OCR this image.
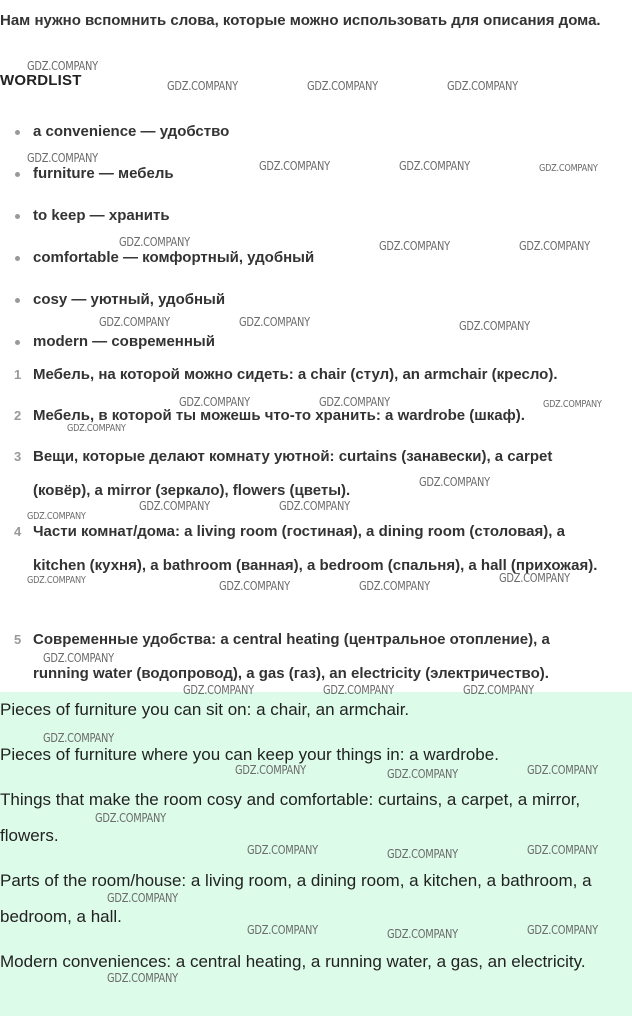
Нам нужно вспомнить слова, которые можно использовать для описания дома.
WORDLIST
a convenience — удобство
furniture — мебель
to keep — хранить
comfortable — комфортный, удобный
cosy — уютный, удобный
modern — современный
1 Мебель, на которой можно сидеть: a chair (стул), an armchair (кресло).
2 Мебель, в которой ты можешь что-то хранить: a wardrobe (шкаф).
3 Вещи, которые делают комнату уютной: curtains (занавески), a carpet (ковёр), a mirror (зеркало), flowers (цветы).
4 Части комнат/дома: a living room (гостиная), a dining room (столовая), a kitchen (кухня), a bathroom (ванная), a bedroom (спальня), a hall (прихожая).
5 Современные удобства: a central heating (центральное отопление), a running water (водопровод), a gas (газ), an electricity (электричество).

Pieces of furniture you can sit on: a chair, an armchair.

Pieces of furniture where you can keep your things in: a wardrobe.

Things that make the room cosy and comfortable: curtains, a carpet, a mirror, flowers.

Parts of the room/house: a living room, a dining room, a kitchen, a bathroom, a bedroom, a hall.

Modern conveniences: a central heating, a running water, a gas, an electricity.

GDZ.COMPANY
GDZ.COMPANY	GDZ.COMPANY	GDZ.COMPANY
GDZ.COMPANY
GDZ.COMPANY	GDZ.COMPANY	GDZ.COMPANY
GDZ.COMPANY	GDZ.COMPANY	GDZ.COMPANY
GDZ.COMPANY	GDZ.COMPANY	GDZ.COMPANY
GDZ.COMPANY	GDZ.COMPANY	GDZ.COMPANY
GDZ.COMPANY
GDZ.COMPANY
GDZ.COMPANY	GDZ.COMPANY
GDZ.COMPANY
GDZ.COMPANY	GDZ.COMPANY
GDZ.COMPANY	GDZ.COMPANY
GDZ.COMPANY
GDZ.COMPANY	GDZ.COMPANY	GDZ.COMPANY
GDZ.COMPANY
GDZ.COMPANY	GDZ.COMPANY	GDZ.COMPANY
GDZ.COMPANY
GDZ.COMPANY	GDZ.COMPANY	GDZ.COMPANY
GDZ.COMPANY
GDZ.COMPANY	GDZ.COMPANY	GDZ.COMPANY
GDZ.COMPANY
